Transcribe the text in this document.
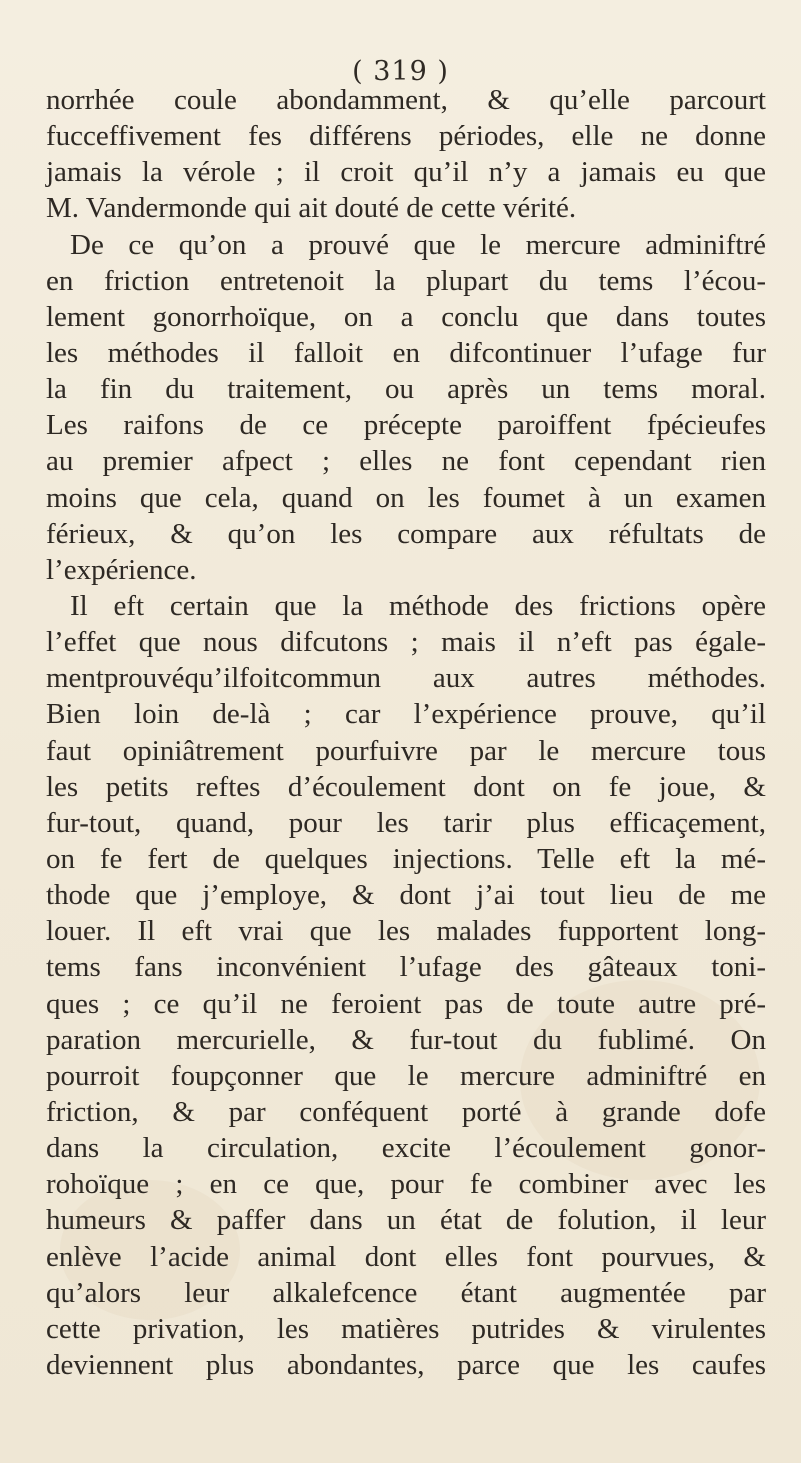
( 319 )
norrhée coule abondamment, & qu’elle parcourt
fucceffivement fes différens périodes, elle ne donne
jamais la vérole ; il croit qu’il n’y a jamais eu que
M. Vandermonde qui ait douté de cette vérité.
De ce qu’on a prouvé que le mercure adminiftré
en friction entretenoit la plupart du tems l’écou-
lement gonorrhoïque, on a conclu que dans toutes
les méthodes il falloit en difcontinuer l’ufage fur
la fin du traitement, ou après un tems moral.
Les raifons de ce précepte paroiffent fpécieufes
au premier afpect ; elles ne font cependant rien
moins que cela, quand on les foumet à un examen
férieux, & qu’on les compare aux réfultats de
l’expérience.
Il eft certain que la méthode des frictions opère
l’effet que nous difcutons ; mais il n’eft pas égale-
mentprouvéqu’ilfoitcommun aux autres méthodes.
Bien loin de-là ; car l’expérience prouve, qu’il
faut opiniâtrement pourfuivre par le mercure tous
les petits reftes d’écoulement dont on fe joue, &
fur-tout, quand, pour les tarir plus efficaçement,
on fe fert de quelques injections. Telle eft la mé-
thode que j’employe, & dont j’ai tout lieu de me
louer. Il eft vrai que les malades fupportent long-
tems fans inconvénient l’ufage des gâteaux toni-
ques ; ce qu’il ne feroient pas de toute autre pré-
paration mercurielle, & fur-tout du fublimé. On
pourroit foupçonner que le mercure adminiftré en
friction, & par conféquent porté à grande dofe
dans la circulation, excite l’écoulement gonor-
rohoïque ; en ce que, pour fe combiner avec les
humeurs & paffer dans un état de folution, il leur
enlève l’acide animal dont elles font pourvues, &
qu’alors leur alkalefcence étant augmentée par
cette privation, les matières putrides & virulentes
deviennent plus abondantes, parce que les caufes
